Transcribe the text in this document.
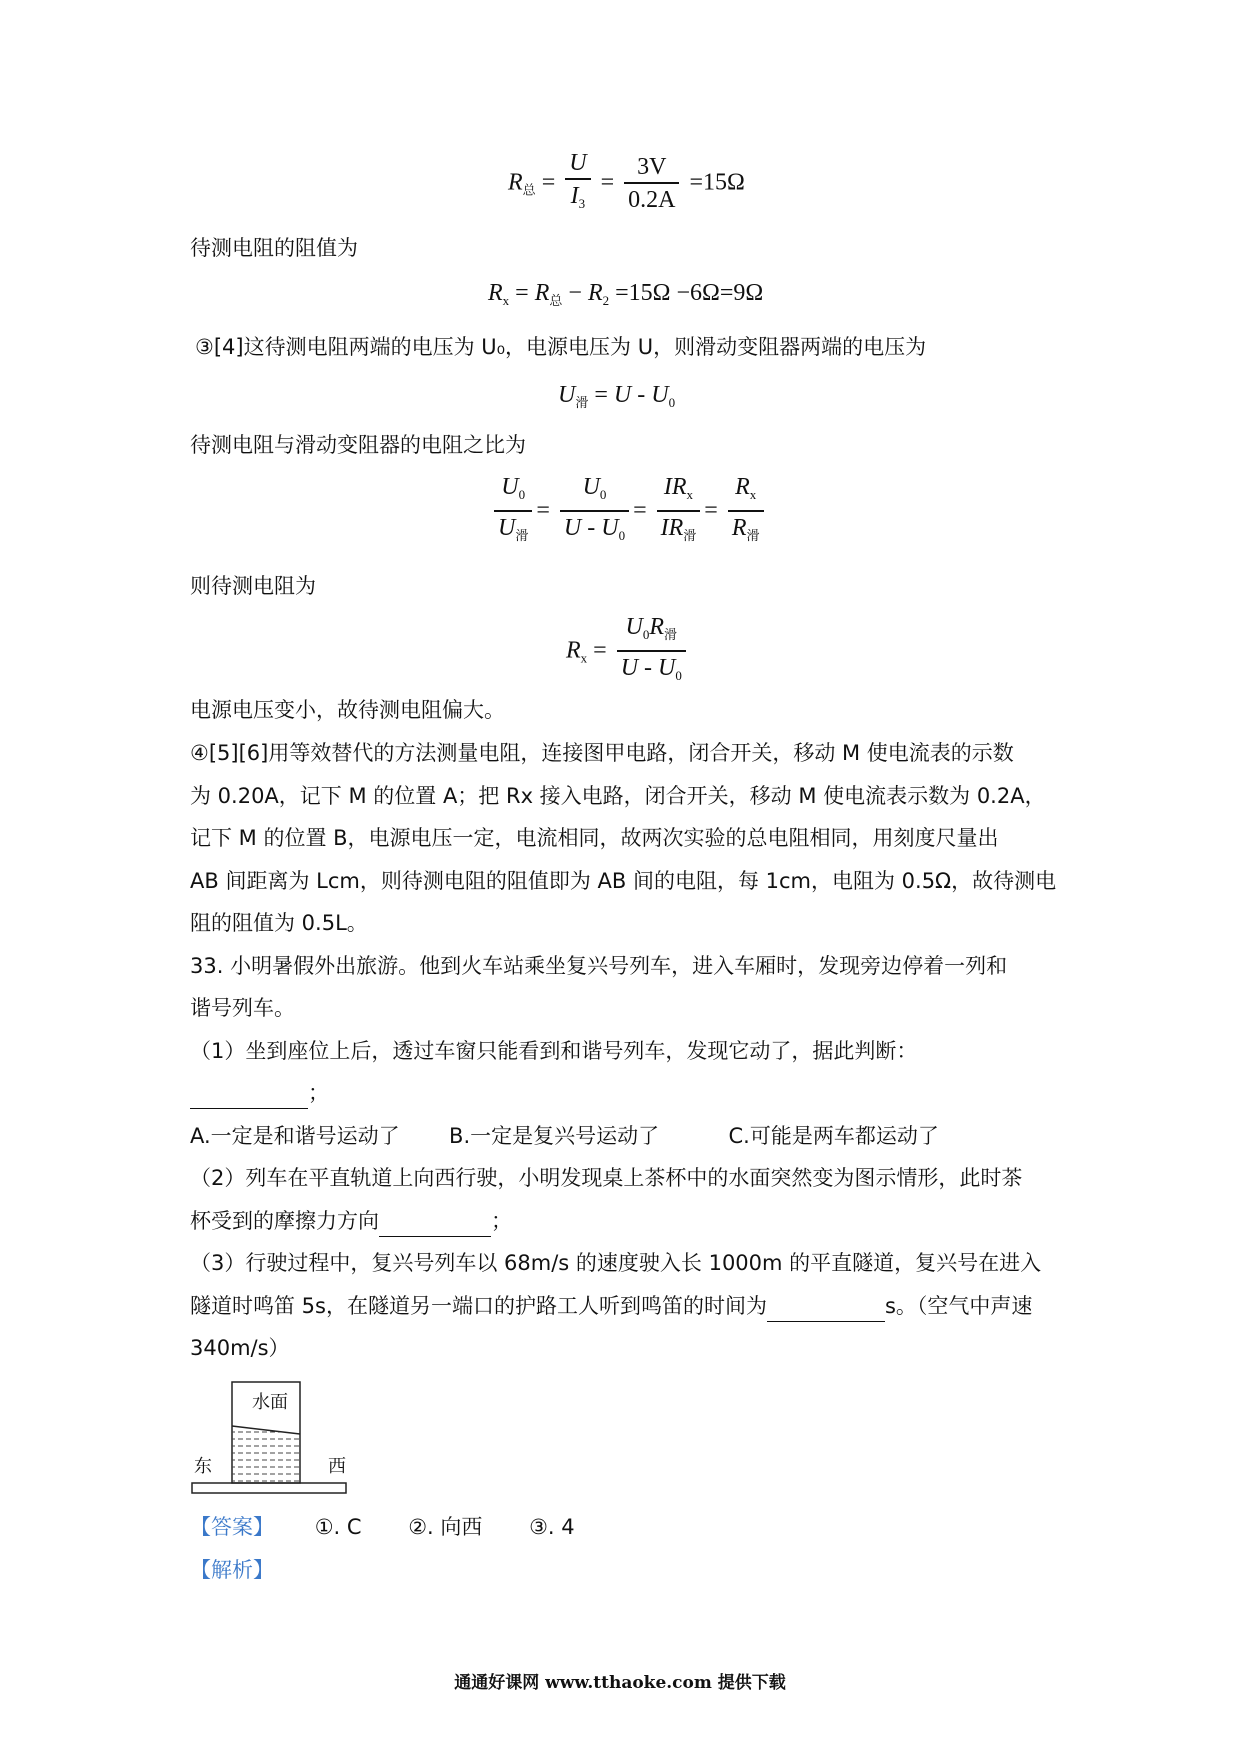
$R_总 = \frac{U}{I_3} = \frac{3V}{0.2A} =15\Omega$
待测电阻的阻值为
$R_x = R_总 - R_2 =15\Omega -6\Omega=9\Omega$
③[4]这待测电阻两端的电压为 U₀，电源电压为 U，则滑动变阻器两端的电压为
$U_滑 = U - U_0$
待测电阻与滑动变阻器的电阻之比为
$\frac{U_0}{U_滑} = \frac{U_0}{U - U_0} = \frac{IR_x}{IR_滑} = \frac{R_x}{R_滑}$
则待测电阻为
$R_x = \frac{U_0R_滑}{U - U_0}$
电源电压变小，故待测电阻偏大。
④[5][6]用等效替代的方法测量电阻，连接图甲电路，闭合开关，移动 M 使电流表的示数
为 0.20A，记下 M 的位置 A；把 Rx 接入电路，闭合开关，移动 M 使电流表示数为 0.2A，
记下 M 的位置 B，电源电压一定，电流相同，故两次实验的总电阻相同，用刻度尺量出
AB 间距离为 Lcm，则待测电阻的阻值即为 AB 间的电阻，每 1cm，电阻为 0.5Ω，故待测电
阻的阻值为 0.5L。
33. 小明暑假外出旅游。他到火车站乘坐复兴号列车，进入车厢时，发现旁边停着一列和
谐号列车。
（1）坐到座位上后，透过车窗只能看到和谐号列车，发现它动了，据此判断：
；
A.一定是和谐号运动了 B.一定是复兴号运动了	C.可能是两车都运动了
（2）列车在平直轨道上向西行驶，小明发现桌上茶杯中的水面突然变为图示情形，此时茶
杯受到的摩擦力方向	；
（3）行驶过程中，复兴号列车以 68m/s 的速度驶入长 1000m 的平直隧道，复兴号在进入
隧道时鸣笛 5s，在隧道另一端口的护路工人听到鸣笛的时间为	s。（空气中声速
340m/s）
水面
东	西
【答案】 ①. C ②. 向西 ③. 4
【解析】
通通好课网 www.tthaoke.com 提供下载
